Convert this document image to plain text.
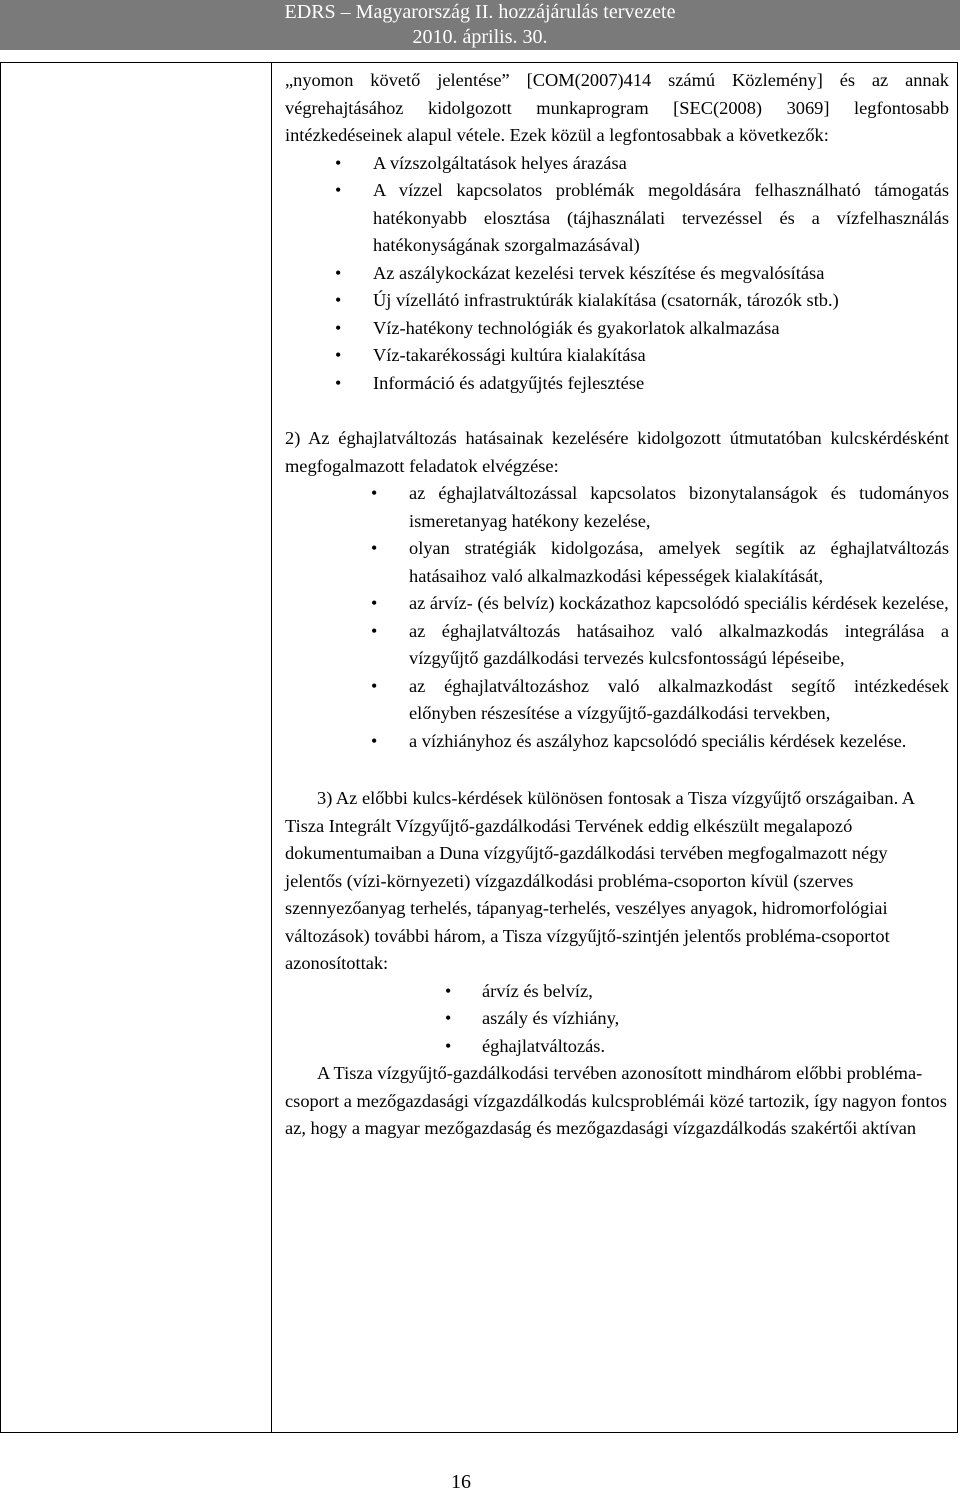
EDRS – Magyarország II. hozzájárulás tervezete
2010. április. 30.

„nyomon követő jelentése” [COM(2007)414 számú Közlemény] és az annak végrehajtásához kidolgozott munkaprogram [SEC(2008) 3069] legfontosabb intézkedéseinek alapul vétele. Ezek közül a legfontosabbak a következők:

• A vízszolgáltatások helyes árazása
• A vízzel kapcsolatos problémák megoldására felhasználható támogatás hatékonyabb elosztása (tájhasználati tervezéssel és a vízfelhasználás hatékonyságának szorgalmazásával)
• Az aszálykockázat kezelési tervek készítése és megvalósítása
• Új vízellátó infrastruktúrák kialakítása (csatornák, tározók stb.)
• Víz-hatékony technológiák és gyakorlatok alkalmazása
• Víz-takarékossági kultúra kialakítása
• Információ és adatgyűjtés fejlesztése

2) Az éghajlatváltozás hatásainak kezelésére kidolgozott útmutatóban kulcskérdésként megfogalmazott feladatok elvégzése:

• az éghajlatváltozással kapcsolatos bizonytalanságok és tudományos ismeretanyag hatékony kezelése,
• olyan stratégiák kidolgozása, amelyek segítik az éghajlatváltozás hatásaihoz való alkalmazkodási képességek kialakítását,
• az árvíz- (és belvíz) kockázathoz kapcsolódó speciális kérdések kezelése,
• az éghajlatváltozás hatásaihoz való alkalmazkodás integrálása a vízgyűjtő gazdálkodási tervezés kulcsfontosságú lépéseibe,
• az éghajlatváltozáshoz való alkalmazkodást segítő intézkedések előnyben részesítése a vízgyűjtő-gazdálkodási tervekben,
• a vízhiányhoz és aszályhoz kapcsolódó speciális kérdések kezelése.

3) Az előbbi kulcs-kérdések különösen fontosak a Tisza vízgyűjtő országaiban. A Tisza Integrált Vízgyűjtő-gazdálkodási Tervének eddig elkészült megalapozó dokumentumaiban a Duna vízgyűjtő-gazdálkodási tervében megfogalmazott négy jelentős (vízi-környezeti) vízgazdálkodási probléma-csoporton kívül (szerves szennyezőanyag terhelés, tápanyag-terhelés, veszélyes anyagok, hidromorfológiai változások) további három, a Tisza vízgyűjtő-szintjén jelentős probléma-csoportot azonosítottak:

• árvíz és belvíz,
• aszály és vízhiány,
• éghajlatváltozás.

A Tisza vízgyűjtő-gazdálkodási tervében azonosított mindhárom előbbi probléma-csoport a mezőgazdasági vízgazdálkodás kulcsproblémái közé tartozik, így nagyon fontos az, hogy a magyar mezőgazdaság és mezőgazdasági vízgazdálkodás szakértői aktívan

16
